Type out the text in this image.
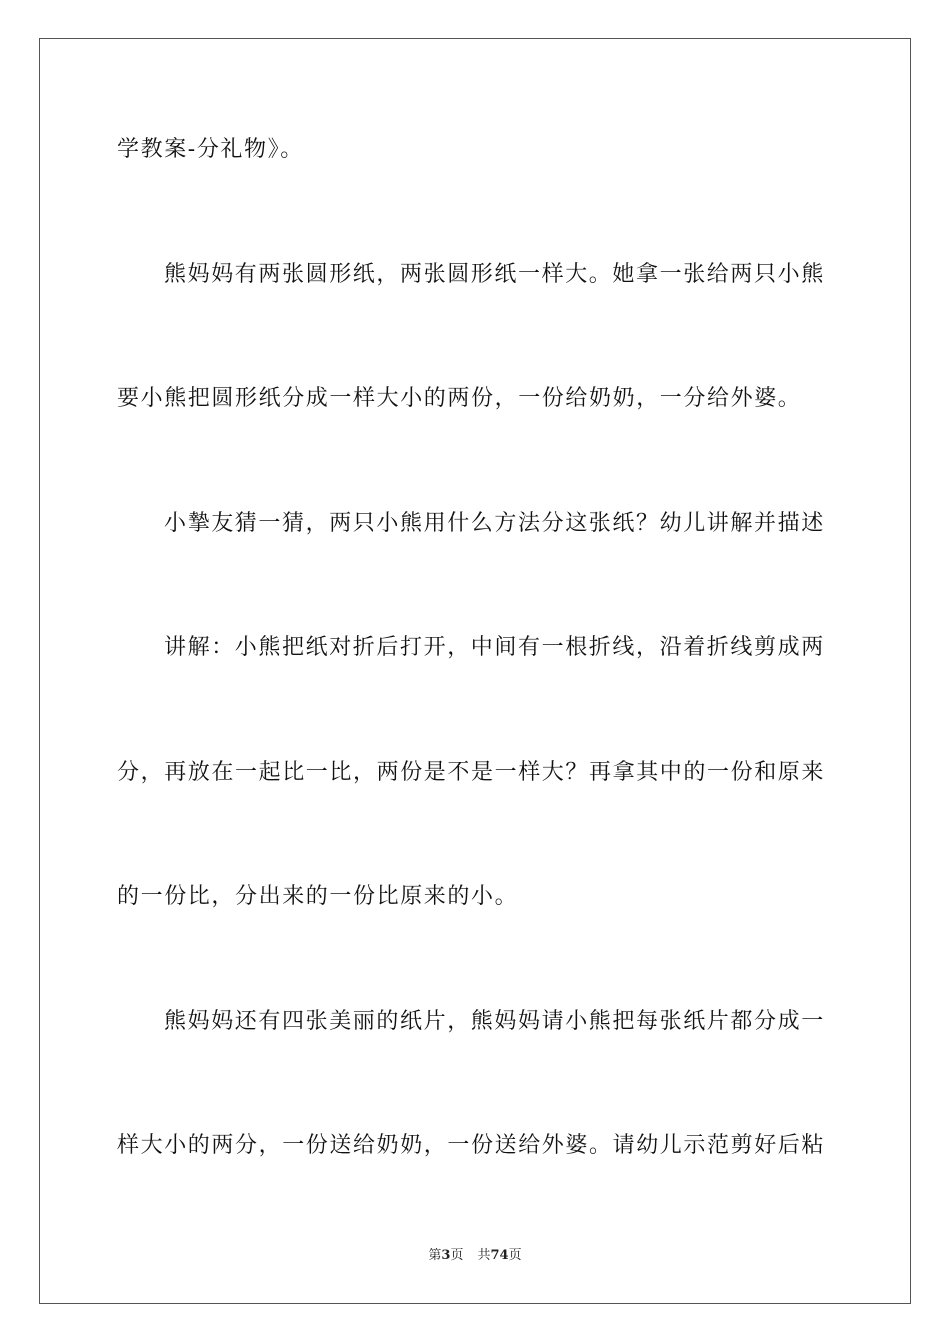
学教案-分礼物》。
熊妈妈有两张圆形纸，两张圆形纸一样大。她拿一张给两只小熊
要小熊把圆形纸分成一样大小的两份，一份给奶奶，一分给外婆。
小摯友猜一猜，两只小熊用什么方法分这张纸？幼儿讲解并描述
讲解：小熊把纸对折后打开，中间有一根折线，沿着折线剪成两
分，再放在一起比一比，两份是不是一样大？再拿其中的一份和原来
的一份比，分出来的一份比原来的小。
熊妈妈还有四张美丽的纸片，熊妈妈请小熊把每张纸片都分成一
样大小的两分，一份送给奶奶，一份送给外婆。请幼儿示范剪好后粘
第3页 共74页
